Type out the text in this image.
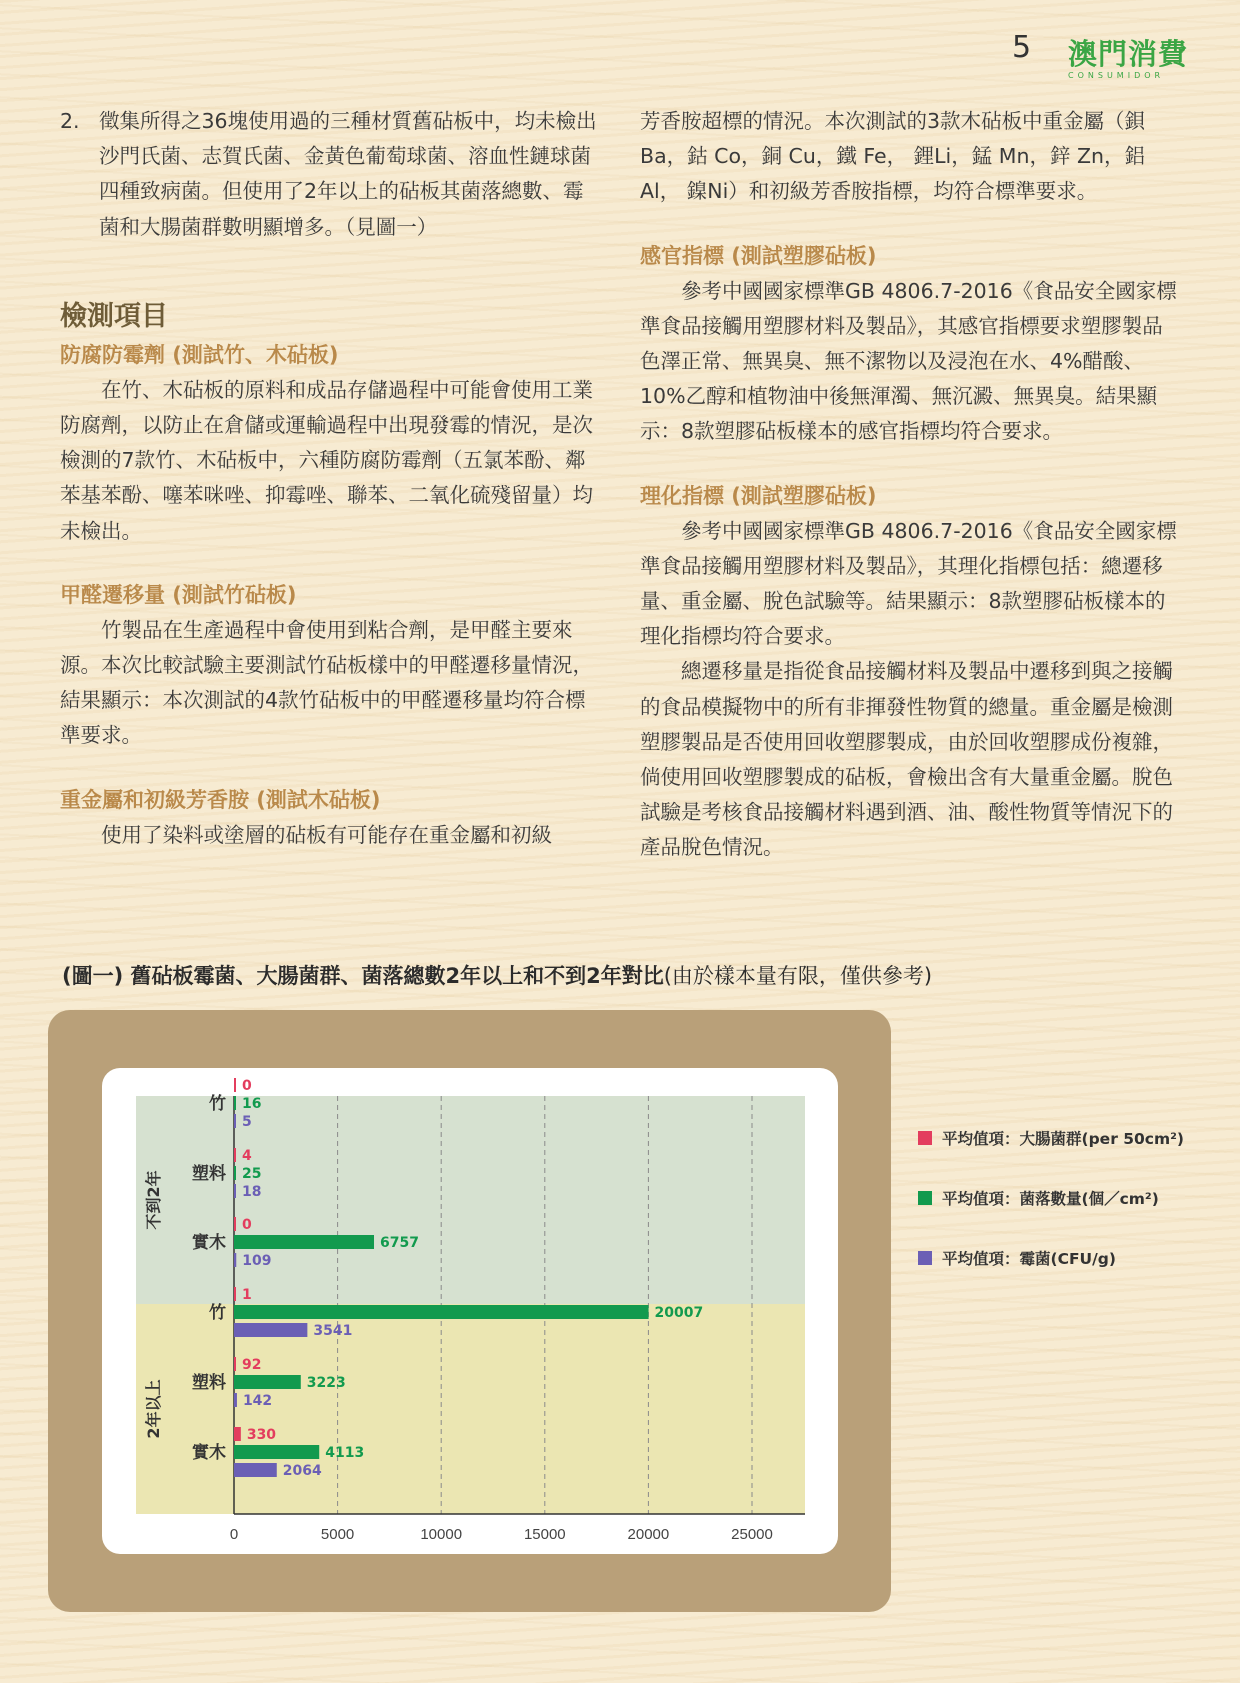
5 澳門消費
CONSUMIDOR
2. 徵集所得之36塊使用過的三種材質舊砧板中，均未檢出沙門氏菌、志賀氏菌、金黃色葡萄球菌、溶血性鏈球菌四種致病菌。但使用了2年以上的砧板其菌落總數、霉菌和大腸菌群數明顯增多。（見圖一）

檢測項目
防腐防霉劑 (測試竹、木砧板)

在竹、木砧板的原料和成品存儲過程中可能會使用工業防腐劑，以防止在倉儲或運輸過程中出現發霉的情況，是次檢測的7款竹、木砧板中，六種防腐防霉劑（五氯苯酚、鄰苯基苯酚、噻苯咪唑、抑霉唑、聯苯、二氧化硫殘留量）均未檢出。

甲醛遷移量 (測試竹砧板)

竹製品在生產過程中會使用到粘合劑，是甲醛主要來源。本次比較試驗主要測試竹砧板樣中的甲醛遷移量情況，結果顯示：本次測試的4款竹砧板中的甲醛遷移量均符合標準要求。

重金屬和初級芳香胺 (測試木砧板)

使用了染料或塗層的砧板有可能存在重金屬和初級

芳香胺超標的情況。本次測試的3款木砧板中重金屬（鋇Ba，鈷 Co，銅 Cu，鐵 Fe， 鋰Li，錳 Mn，鋅 Zn，鋁 Al， 鎳Ni）和初級芳香胺指標，均符合標準要求。

感官指標 (測試塑膠砧板)

參考中國國家標準GB 4806.7-2016《食品安全國家標準食品接觸用塑膠材料及製品》，其感官指標要求塑膠製品色澤正常、無異臭、無不潔物以及浸泡在水、4%醋酸、10%乙醇和植物油中後無渾濁、無沉澱、無異臭。結果顯示：8款塑膠砧板樣本的感官指標均符合要求。

理化指標 (測試塑膠砧板)

參考中國國家標準GB 4806.7-2016《食品安全國家標準食品接觸用塑膠材料及製品》，其理化指標包括：總遷移量、重金屬、脫色試驗等。結果顯示：8款塑膠砧板樣本的理化指標均符合要求。

總遷移量是指從食品接觸材料及製品中遷移到與之接觸的食品模擬物中的所有非揮發性物質的總量。重金屬是檢測塑膠製品是否使用回收塑膠製成，由於回收塑膠成份複雜，倘使用回收塑膠製成的砧板，會檢出含有大量重金屬。脫色試驗是考核食品接觸材料遇到酒、油、酸性物質等情況下的產品脫色情況。

(圖一) 舊砧板霉菌、大腸菌群、菌落總數2年以上和不到2年對比(由於樣本量有限，僅供參考)
0	5000	10000	15000	20000	25000
不到2年
2年以上
竹
0
16
5
塑料
4
25
18
實木
0
6757
109
竹
1
20007
3541
塑料
92
3223
142
實木
330
4113
2064
平均值項：大腸菌群(per 50cm²)
平均值項：菌落數量(個／cm²)
平均值項：霉菌(CFU/g)
